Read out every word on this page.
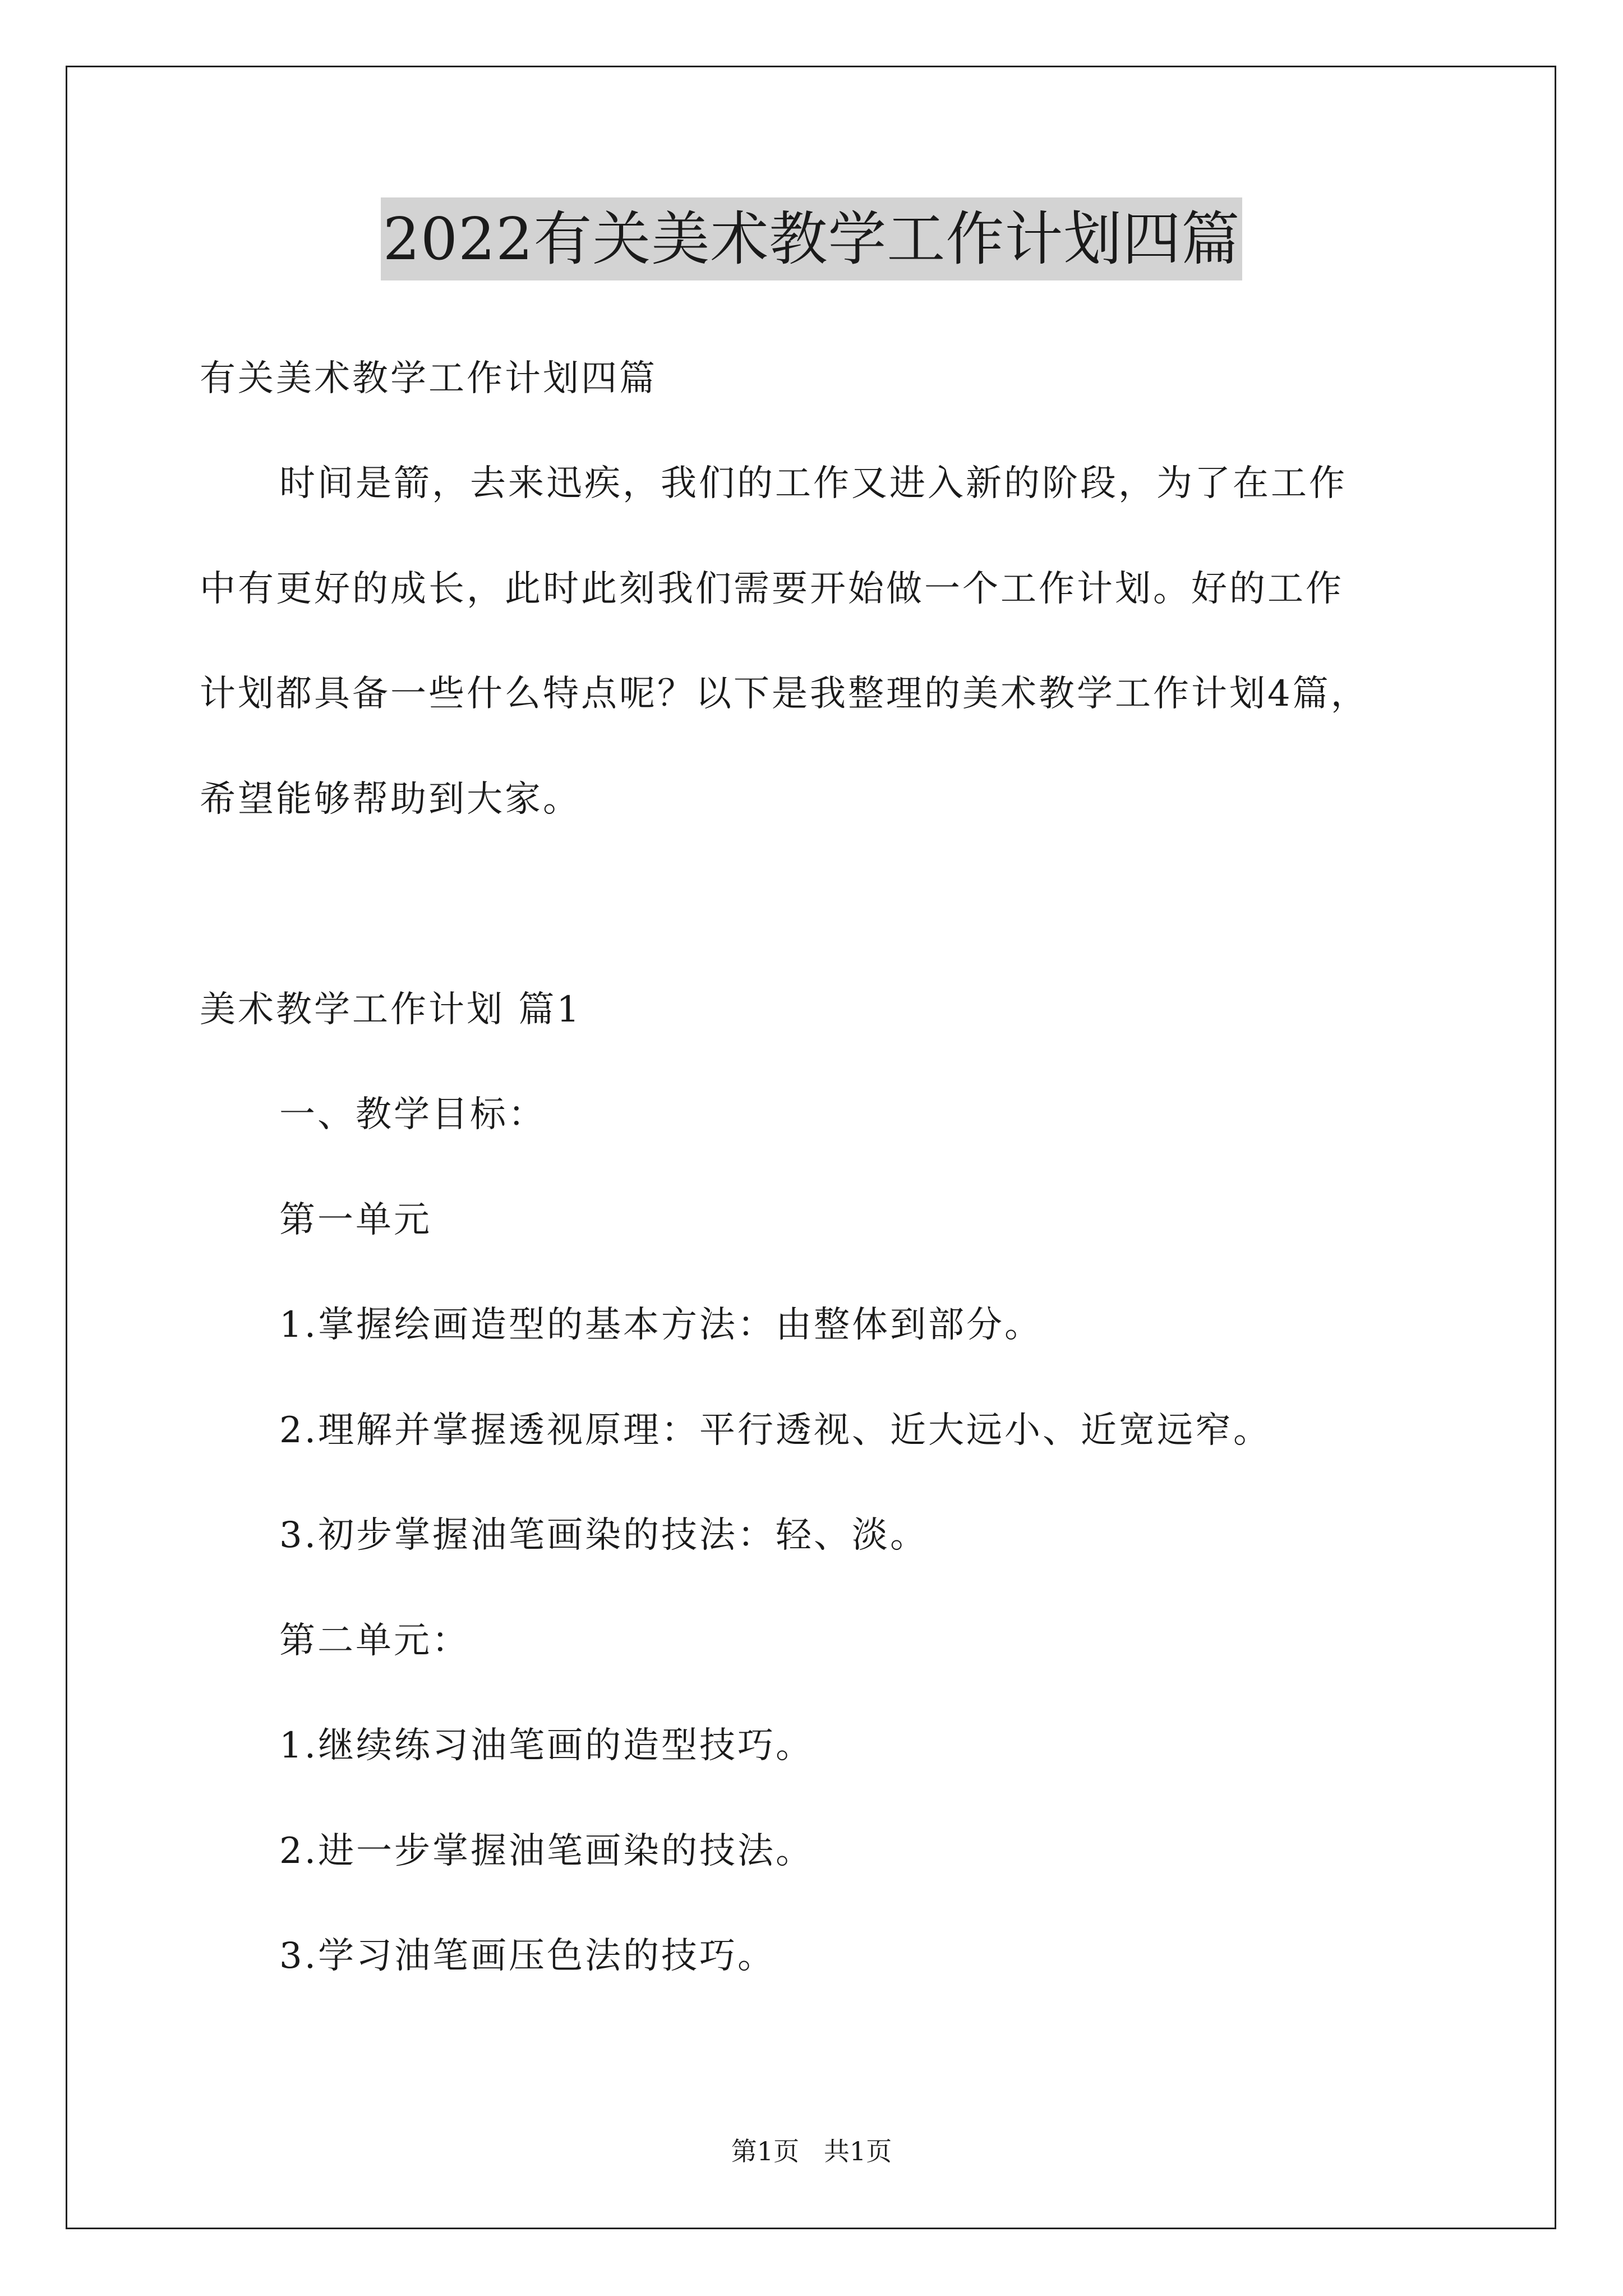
2022有关美术教学工作计划四篇

有关美术教学工作计划四篇

时间是箭，去来迅疾，我们的工作又进入新的阶段，为了在工作

中有更好的成长，此时此刻我们需要开始做一个工作计划。好的工作

计划都具备一些什么特点呢？以下是我整理的美术教学工作计划4篇，

希望能够帮助到大家。

美术教学工作计划 篇1

一、教学目标：

第一单元

1.掌握绘画造型的基本方法：由整体到部分。

2.理解并掌握透视原理：平行透视、近大远小、近宽远窄。

3.初步掌握油笔画染的技法：轻、淡。

第二单元：

1.继续练习油笔画的造型技巧。

2.进一步掌握油笔画染的技法。

3.学习油笔画压色法的技巧。

第1页   共1页
